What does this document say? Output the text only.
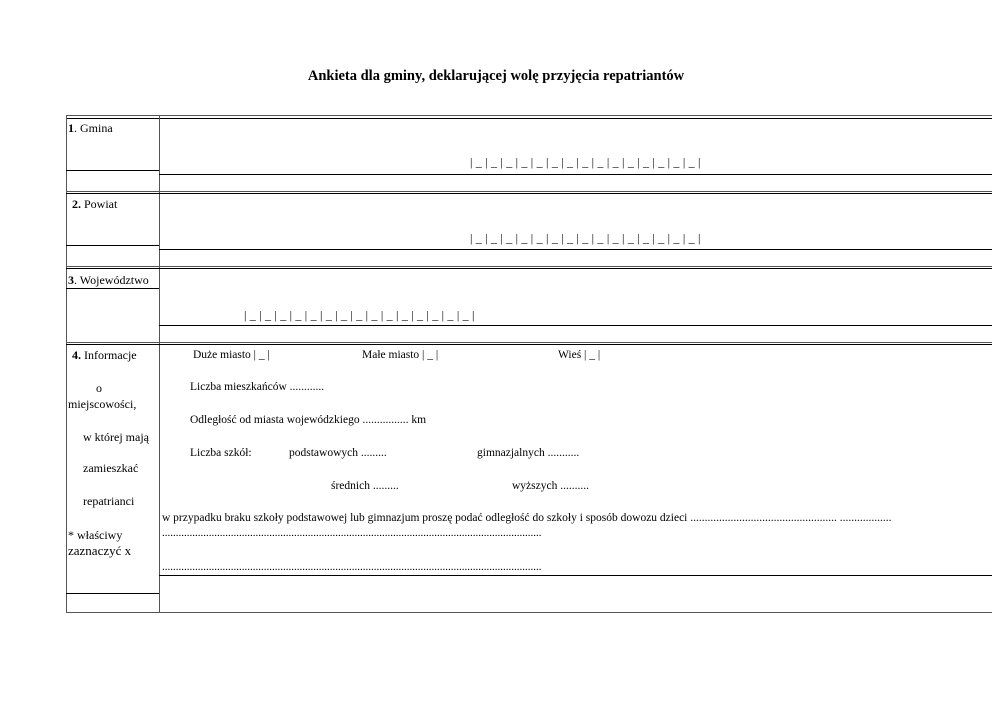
Ankieta dla gminy, deklarującej wolę przyjęcia repatriantów
1. Gmina
| _ | _ | _ | _ | _ | _ | _ | _ | _ | _ | _ | _ | _ | _ | _ |
2. Powiat
| _ | _ | _ | _ | _ | _ | _ | _ | _ | _ | _ | _ | _ | _ | _ |
3. Województwo
| _ | _ | _ | _ | _ | _ | _ | _ | _ | _ | _ | _ | _ | _ | _ |
4. Informacje
o
miejscowości,
w której mają
zamieszkać
repatrianci
* właściwy
zaznaczyć x
Duże miasto | _ |	Małe miasto | _ |	Wieś | _ |
Liczba mieszkańców ............
Odległość od miasta wojewódzkiego ................ km
Liczba szkół:	podstawowych .........	gimnazjalnych ...........
średnich .........	wyższych ..........
w przypadku braku szkoły podstawowej lub gimnazjum proszę podać odległość do szkoły i sposób dowozu dzieci ................................................... ..................
..........................................................................................................................................
..........................................................................................................................................
